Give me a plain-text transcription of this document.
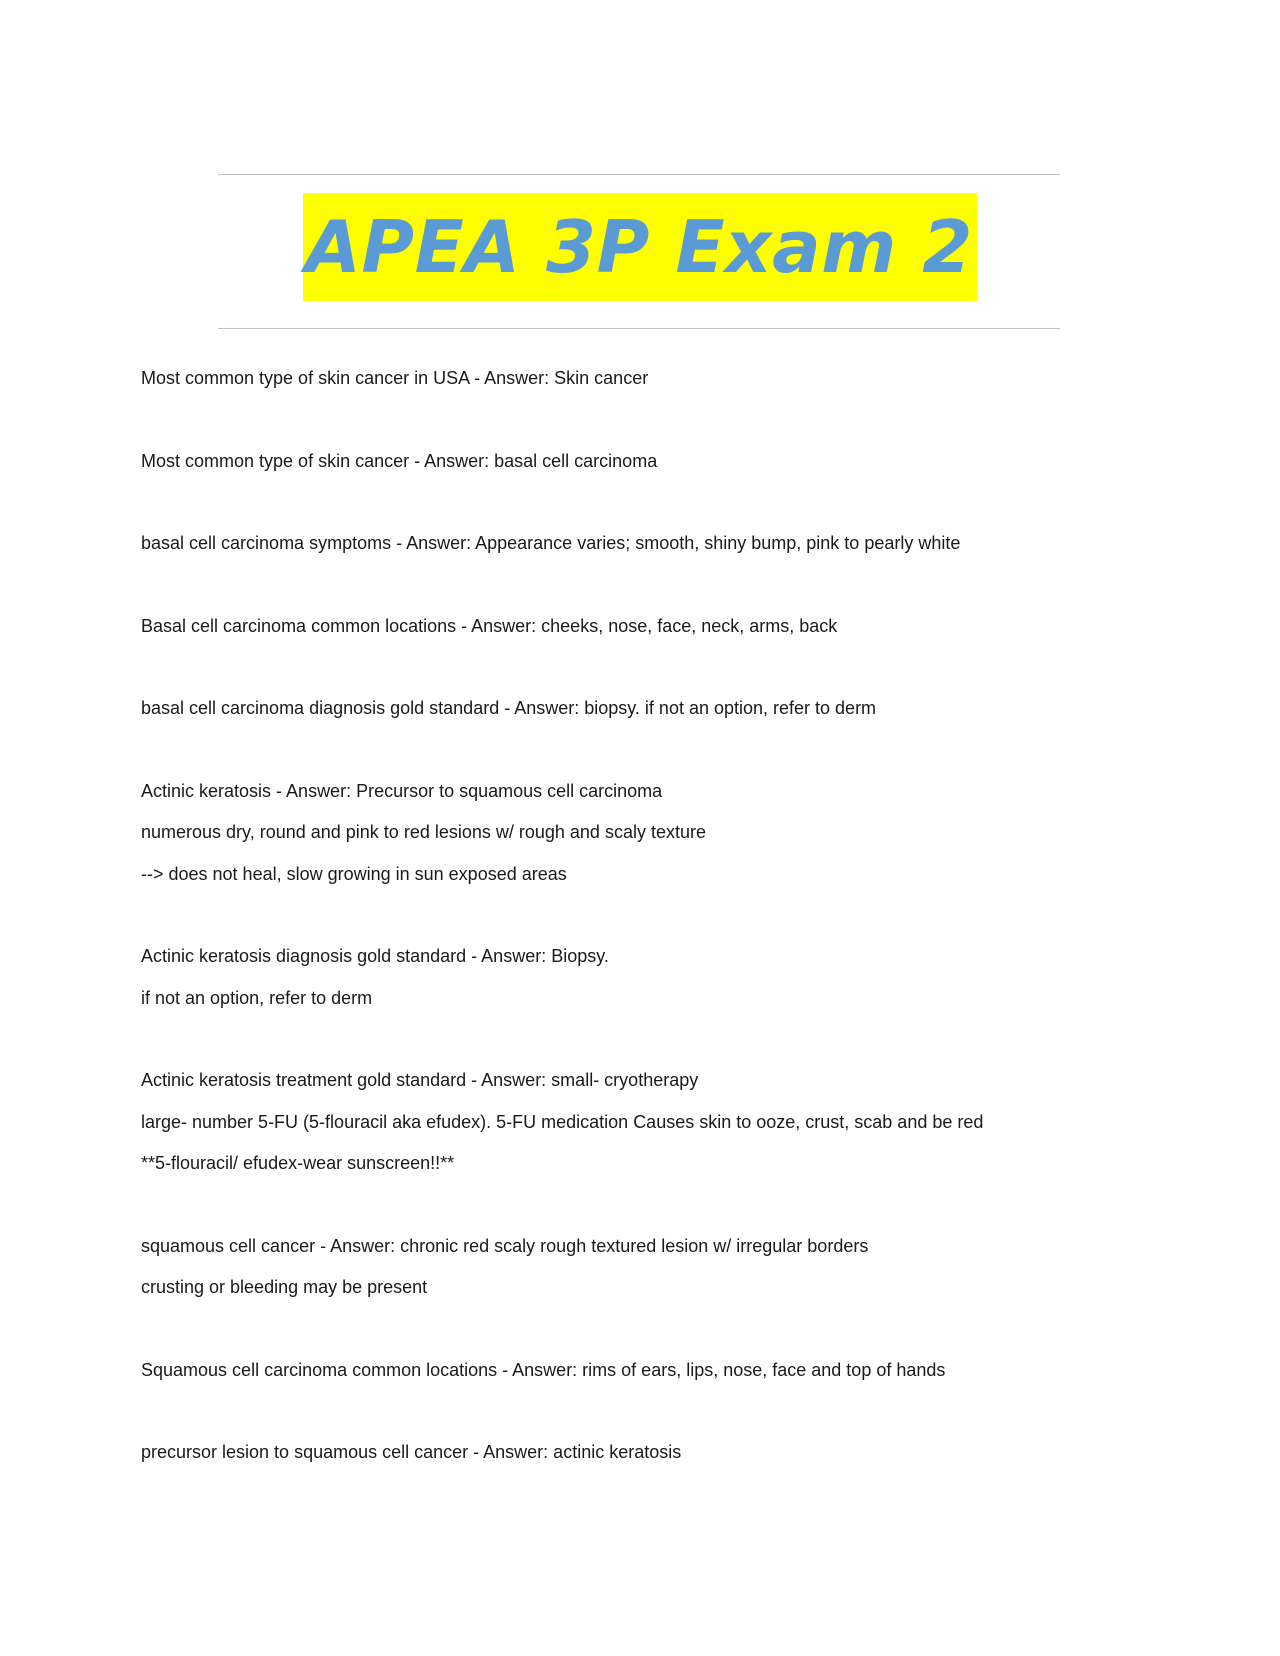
APEA 3P Exam 2
Most common type of skin cancer in USA - Answer: Skin cancer
Most common type of skin cancer - Answer: basal cell carcinoma
basal cell carcinoma symptoms - Answer: Appearance varies; smooth, shiny bump, pink to pearly white
Basal cell carcinoma common locations - Answer: cheeks, nose, face, neck, arms, back
basal cell carcinoma diagnosis gold standard - Answer: biopsy. if not an option, refer to derm
Actinic keratosis - Answer: Precursor to squamous cell carcinoma
numerous dry, round and pink to red lesions w/ rough and scaly texture
--> does not heal, slow growing in sun exposed areas
Actinic keratosis diagnosis gold standard - Answer: Biopsy.
if not an option, refer to derm
Actinic keratosis treatment gold standard - Answer: small- cryotherapy
large- number 5-FU (5-flouracil aka efudex). 5-FU medication Causes skin to ooze, crust, scab and be red
**5-flouracil/ efudex-wear sunscreen!!**
squamous cell cancer - Answer: chronic red scaly rough textured lesion w/ irregular borders
crusting or bleeding may be present
Squamous cell carcinoma common locations - Answer: rims of ears, lips, nose, face and top of hands
precursor lesion to squamous cell cancer - Answer: actinic keratosis
